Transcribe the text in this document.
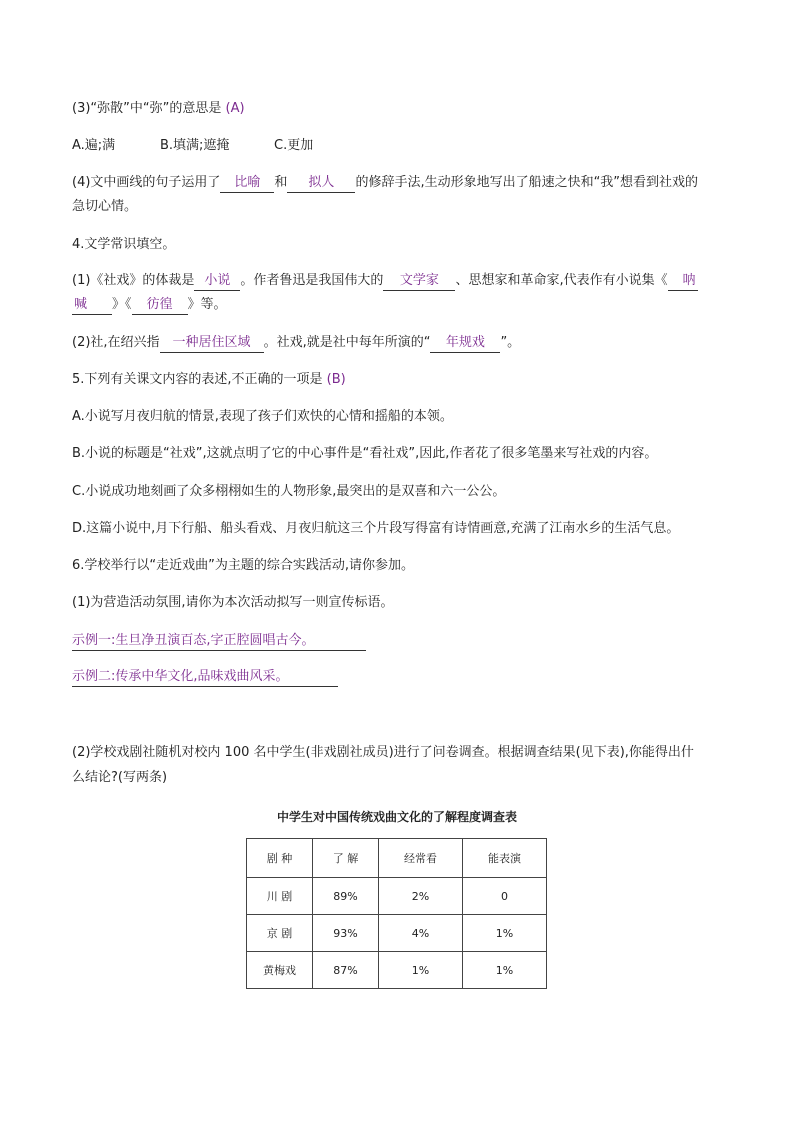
(3)“弥散”中“弥”的意思是 (A)
A.遍;满	B.填满;遮掩	C.更加
(4)文中画线的句子运用了 比喻 和 拟人 的修辞手法,生动形象地写出了船速之快和“我”想看到社戏的
急切心情。
4.文学常识填空。
(1)《社戏》的体裁是 小说 。作者鲁迅是我国伟大的 文学家 、思想家和革命家,代表作有小说集《 呐
喊 》《 彷徨 》等。
(2)社,在绍兴指 一种居住区域 。社戏,就是社中每年所演的“ 年规戏 ”。
5.下列有关课文内容的表述,不正确的一项是 (B)
A.小说写月夜归航的情景,表现了孩子们欢快的心情和摇船的本领。
B.小说的标题是“社戏”,这就点明了它的中心事件是“看社戏”,因此,作者花了很多笔墨来写社戏的内容。
C.小说成功地刻画了众多栩栩如生的人物形象,最突出的是双喜和六一公公。
D.这篇小说中,月下行船、船头看戏、月夜归航这三个片段写得富有诗情画意,充满了江南水乡的生活气息。
6.学校举行以“走近戏曲”为主题的综合实践活动,请你参加。
(1)为营造活动氛围,请你为本次活动拟写一则宣传标语。
示例一:生旦净丑演百态,字正腔圆唱古今。
示例二:传承中华文化,品味戏曲风采。
(2)学校戏剧社随机对校内 100 名中学生(非戏剧社成员)进行了问卷调查。根据调查结果(见下表),你能得出什
么结论?(写两条)
中学生对中国传统戏曲文化的了解程度调查表
剧 种	了 解	经常看	能表演
川 剧	89%	2%	0
京 剧	93%	4%	1%
黄梅戏	87%	1%	1%
